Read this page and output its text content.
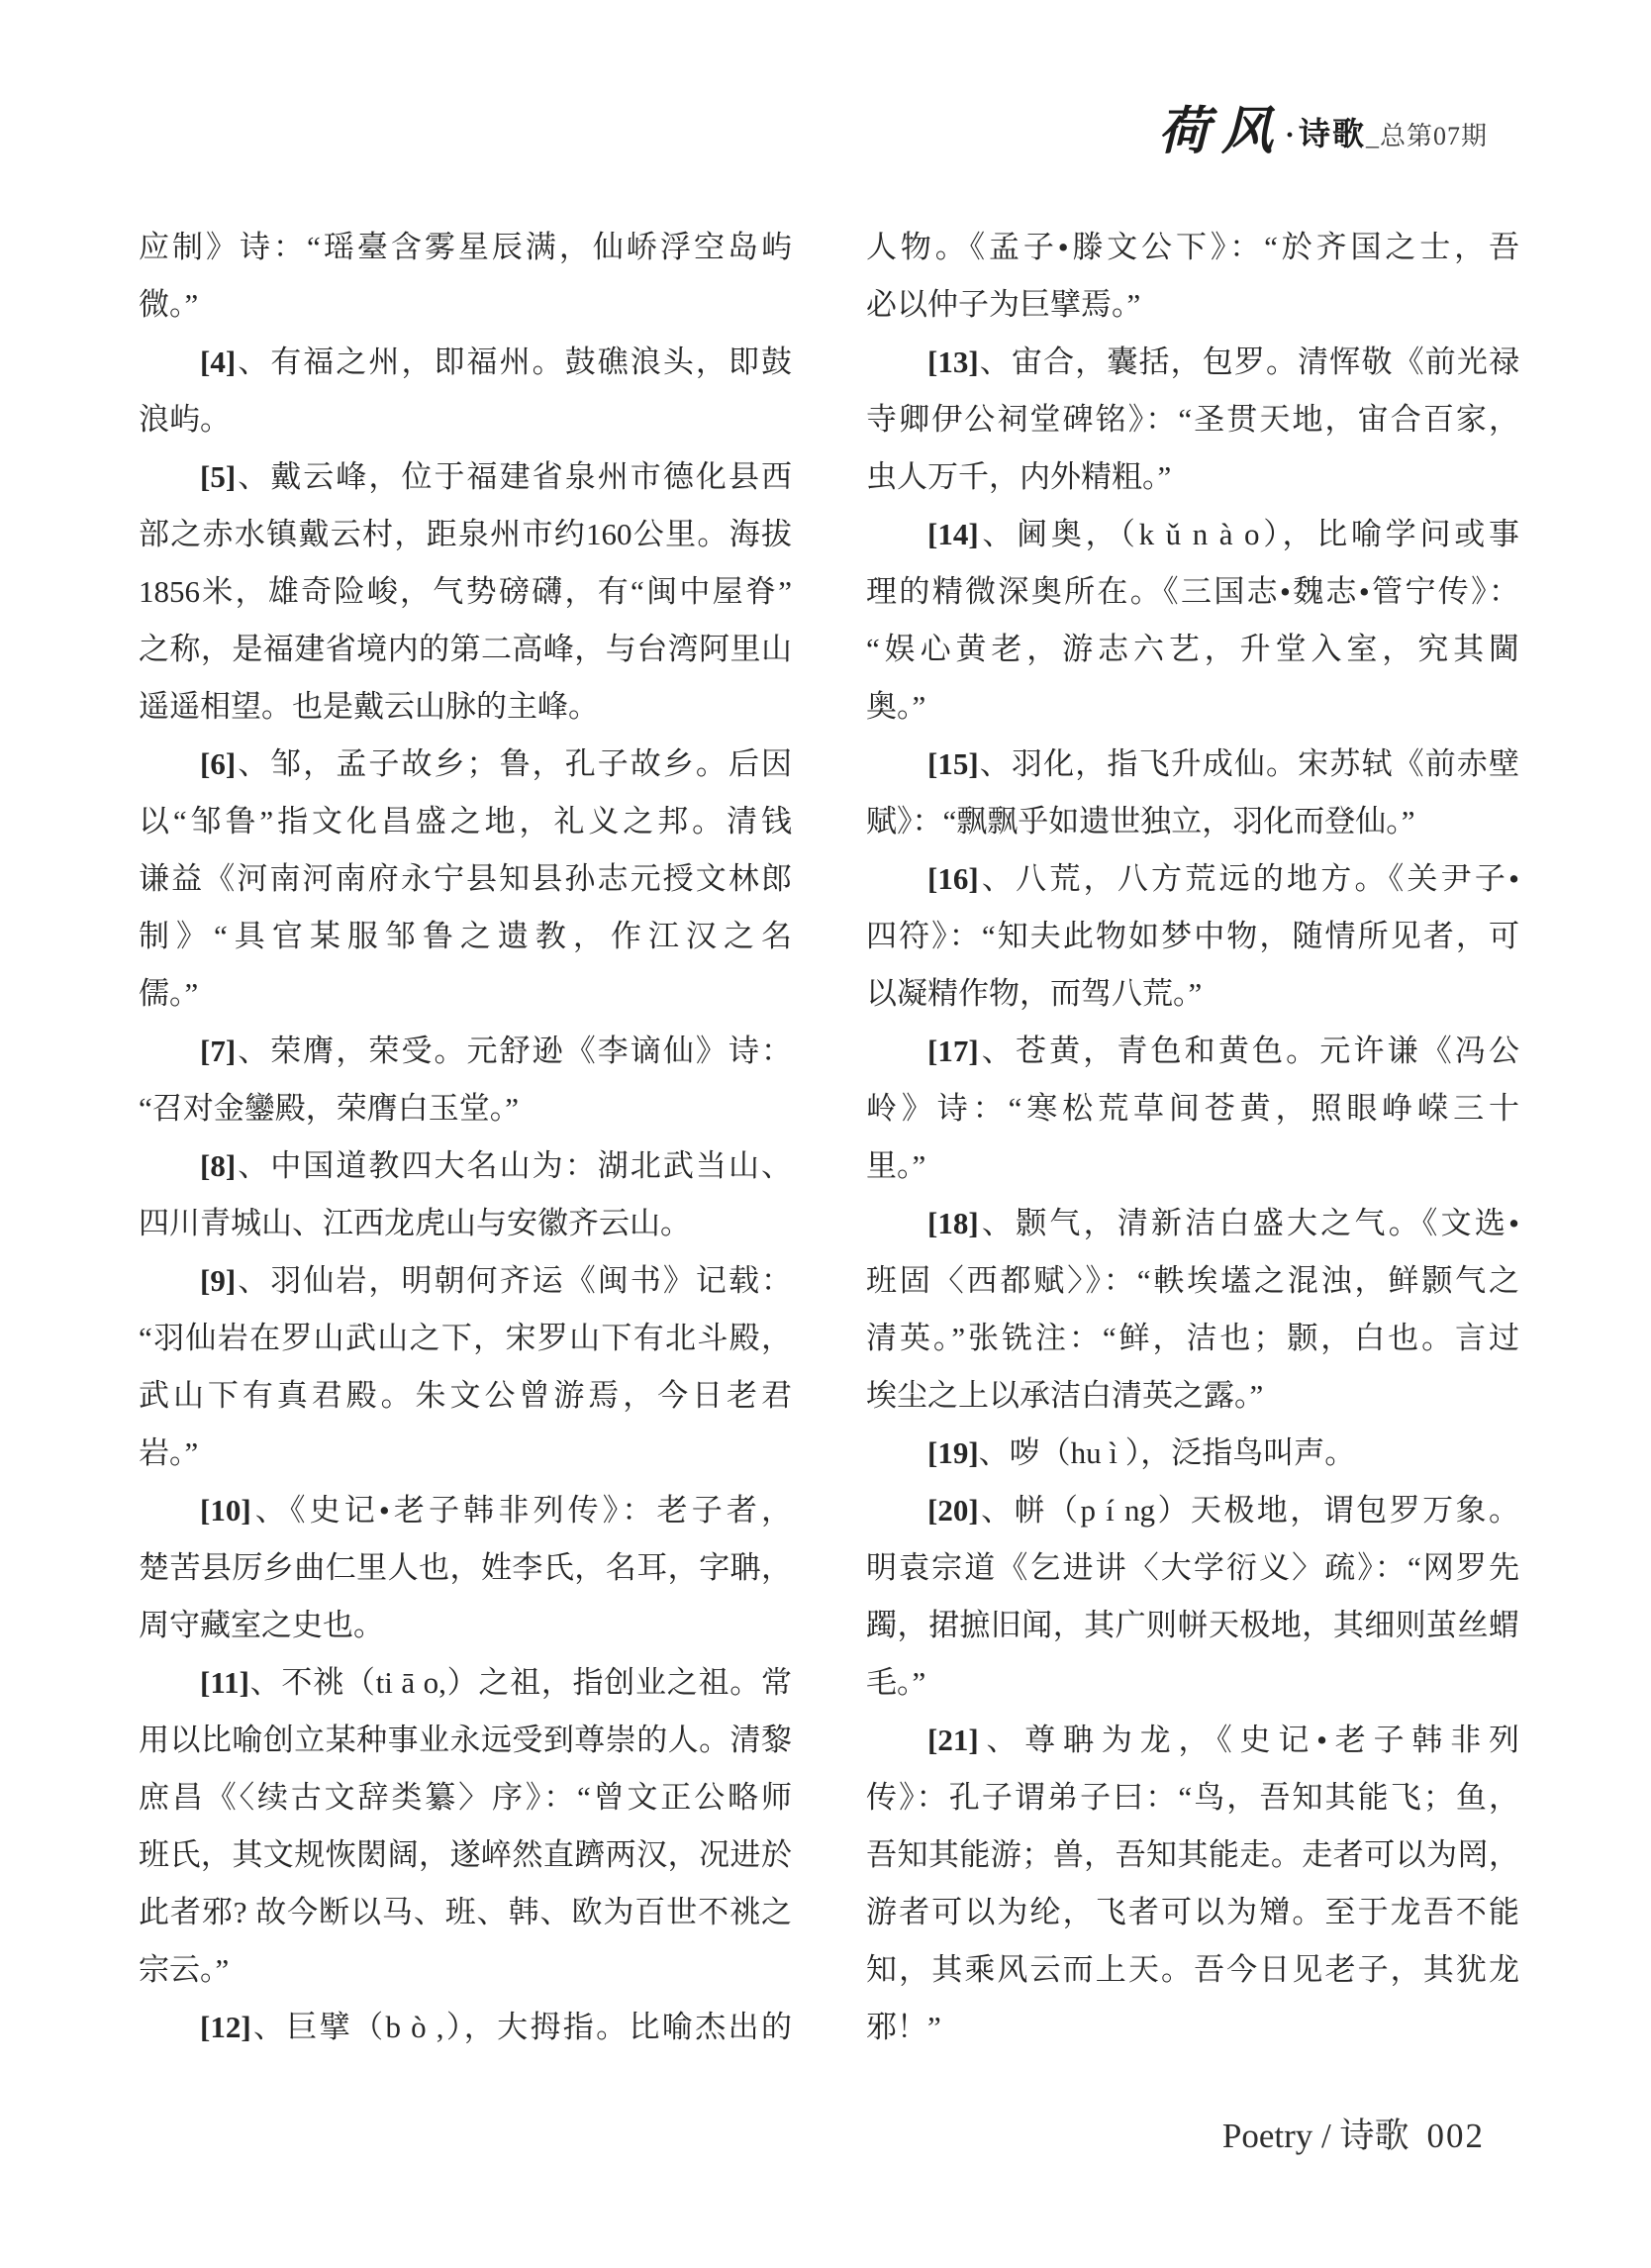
荷风 · 诗歌 _总第07期
应制》诗：“瑶臺含雾星辰满，仙峤浮空岛屿
微。”
[4]、有福之州，即福州。鼓礁浪头，即鼓
浪屿。
[5]、戴云峰，位于福建省泉州市德化县西
部之赤水镇戴云村，距泉州市约160公里。海拔
1856米，雄奇险峻，气势磅礴，有“闽中屋脊”
之称，是福建省境内的第二高峰，与台湾阿里山
遥遥相望。也是戴云山脉的主峰。
[6]、邹，孟子故乡；鲁，孔子故乡。后因
以“邹鲁”指文化昌盛之地，礼义之邦。清钱
谦益《河南河南府永宁县知县孙志元授文林郎
制》“具官某服邹鲁之遗教，作江汉之名
儒。”
[7]、荣膺，荣受。元舒逊《李谪仙》诗：
“召对金鑾殿，荣膺白玉堂。”
[8]、中国道教四大名山为：湖北武当山、
四川青城山、江西龙虎山与安徽齐云山。
[9]、羽仙岩，明朝何齐运《闽书》记载：
“羽仙岩在罗山武山之下，宋罗山下有北斗殿，
武山下有真君殿。朱文公曾游焉，今日老君
岩。”
[10]、《史记•老子韩非列传》：老子者，
楚苦县厉乡曲仁里人也，姓李氏，名耳，字聃，
周守藏室之史也。
[11]、不祧（ti ā o,）之祖，指创业之祖。常
用以比喻创立某种事业永远受到尊崇的人。清黎
庶昌《〈续古文辞类纂〉序》：“曾文正公略师
班氏，其文规恢閎阔，遂崪然直躋两汉，况进於
此者邪? 故今断以马、班、韩、欧为百世不祧之
宗云。”
[12]、巨擘（b ò ,），大拇指。比喻杰出的
人物。《孟子•滕文公下》：“於齐国之士，吾
必以仲子为巨擘焉。”
[13]、宙合，囊括，包罗。清恽敬《前光禄
寺卿伊公祠堂碑铭》：“圣贯天地，宙合百家，
虫人万千，内外精粗。”
[14]、阃奥，（k ǔ n à o），比喻学问或事
理的精微深奥所在。《三国志•魏志•管宁传》：
“娱心黄老，游志六艺，升堂入室，究其閫
奥。”
[15]、羽化，指飞升成仙。宋苏轼《前赤壁
赋》：“飘飘乎如遗世独立，羽化而登仙。”
[16]、八荒，八方荒远的地方。《关尹子•
四符》：“知夫此物如梦中物，随情所见者，可
以凝精作物，而驾八荒。”
[17]、苍黄，青色和黄色。元许谦《冯公
岭》诗：“寒松荒草间苍黄，照眼峥嵘三十
里。”
[18]、颢气，清新洁白盛大之气。《文选•
班固〈西都赋〉》：“軼埃壒之混浊，鲜颢气之
清英。”张铣注：“鲜，洁也；颢，白也。言过
埃尘之上以承洁白清英之露。”
[19]、哕（hu ì ），泛指鸟叫声。
[20]、帡（p í ng）天极地，谓包罗万象。
明袁宗道《乞进讲〈大学衍义〉疏》：“网罗先
躅，捃摭旧闻，其广则帡天极地，其细则茧丝蝟
毛。”
[21]、尊聃为龙，《史记•老子韩非列
传》：孔子谓弟子曰：“鸟，吾知其能飞；鱼，
吾知其能游；兽，吾知其能走。走者可以为罔，
游者可以为纶，飞者可以为矰。至于龙吾不能
知，其乘风云而上天。吾今日见老子，其犹龙
邪！”
Poetry / 诗歌 002
